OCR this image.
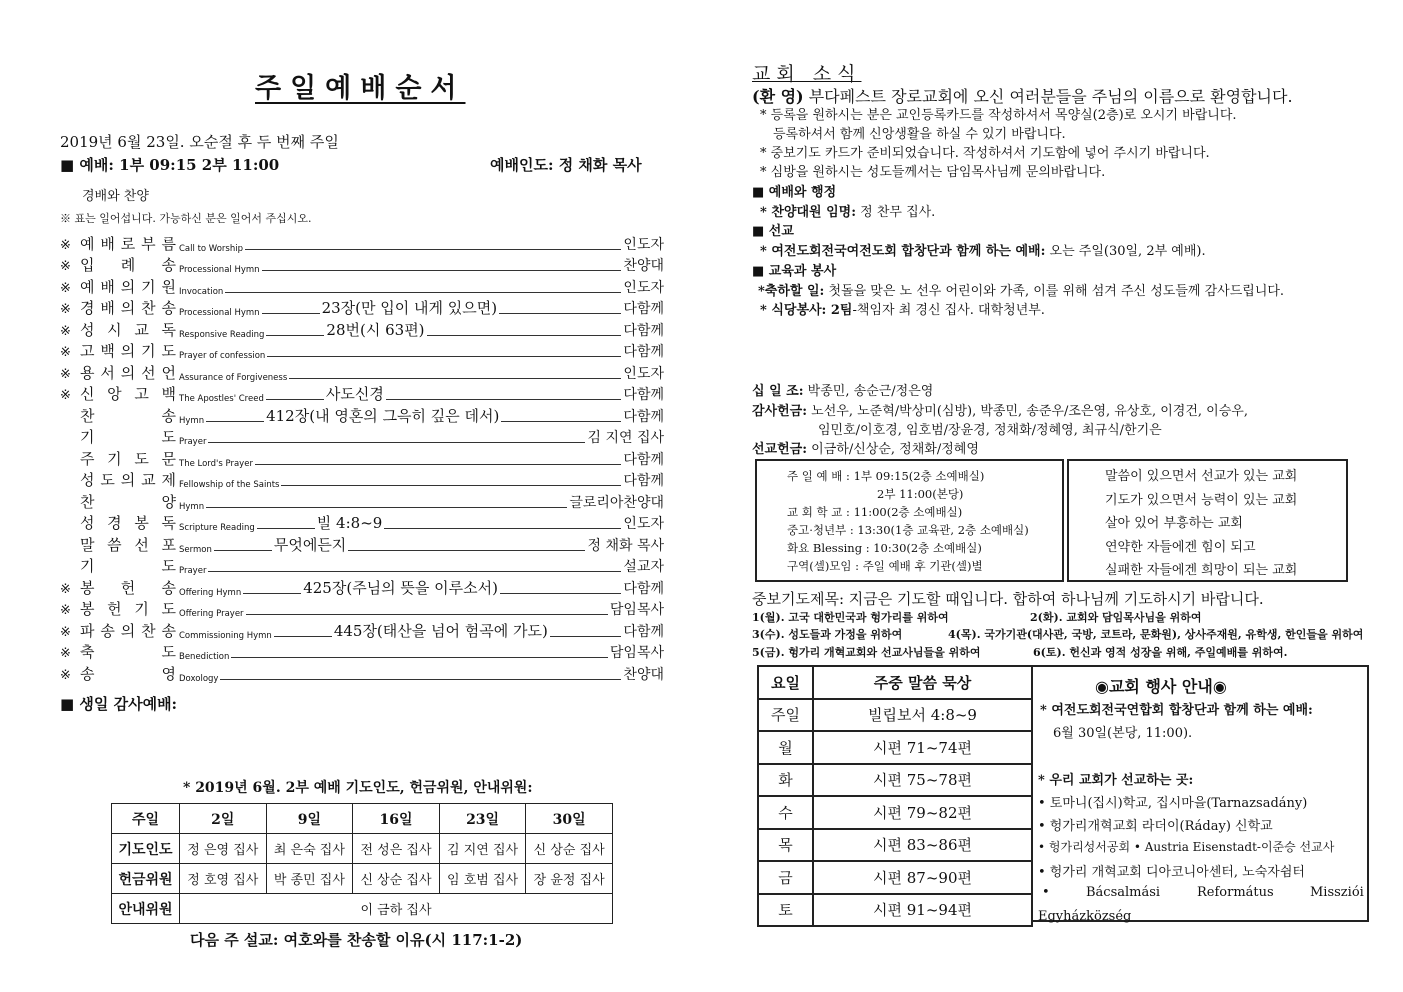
주일예배순서
2019년 6월 23일. 오순절 후 두 번째 주일
■ 예배: 1부 09:15 2부 11:00	예배인도: 정 채화 목사
경배와 찬양
※ 표는 일어섭니다. 가능하신 분은 일어서 주십시오.
※ 예 배 로 부 름 Call to Worship	인도자
※ 입 례 송 Processional Hymn	찬양대
※ 예 배 의 기 원 Invocation	인도자
※ 경 배 의 찬 송 Processional Hymn	23장(만 입이 내게 있으면)	다함께
※ 성 시 교 독 Responsive Reading	28번(시 63편)	다함께
※ 고 백 의 기 도 Prayer of confession	다함께
※ 용 서 의 선 언 Assurance of Forgiveness	인도자
※ 신 앙 고 백 The Apostles' Creed	사도신경	다함께
찬	송 Hymn	412장(내 영혼의 그윽히 깊은 데서)	다함께
기	도 Prayer	김 지연 집사
주 기 도 문 The Lord's Prayer	다함께
성 도 의 교 제 Fellowship of the Saints	다함께
찬	양 Hymn	글로리아찬양대
성 경 봉 독 Scripture Reading	빌 4:8~9	인도자
말 씀 선 포 Sermon	무엇에든지	정 채화 목사
기	도 Prayer	설교자
※ 봉 헌 송 Offering Hymn	425장(주님의 뜻을 이루소서)	다함께
※ 봉 헌 기 도 Offering Prayer	담임목사
※ 파 송 의 찬 송 Commissioning Hymn	445장(태산을 넘어 험곡에 가도)	다함께
※ 축	도 Benediction	담임목사
※ 송	영 Doxology	찬양대
■ 생일 감사예배:
* 2019년 6월. 2부 예배 기도인도, 헌금위원, 안내위원:
주일	2일	9일	16일	23일	30일
기도인도	정 은영 집사	최 은숙 집사	전 성은 집사	김 지연 집사	신 상순 집사
헌금위원	정 호영 집사	박 종민 집사	신 상순 집사	임 호범 집사	장 윤정 집사
안내위원	이 금하 집사				
다음 주 설교: 여호와를 찬송할 이유(시 117:1-2)
교회 소식
(환 영) 부다페스트 장로교회에 오신 여러분들을 주님의 이름으로 환영합니다.
* 등록을 원하시는 분은 교인등록카드를 작성하셔서 목양실(2층)로 오시기 바랍니다.
등록하셔서 함께 신앙생활을 하실 수 있기 바랍니다.
* 중보기도 카드가 준비되었습니다. 작성하셔서 기도함에 넣어 주시기 바랍니다.
* 심방을 원하시는 성도들께서는 담임목사님께 문의바랍니다.
■ 예배와 행정
* 찬양대원 임명: 정 찬무 집사.
■ 선교
* 여전도회전국여전도회 합창단과 함께 하는 예배: 오는 주일(30일, 2부 예배).
■ 교육과 봉사
*축하할 일: 첫돌을 맞은 노 선우 어린이와 가족, 이를 위해 섬겨 주신 성도들께 감사드립니다.
* 식당봉사: 2팀-책임자 최 경신 집사. 대학청년부.
십 일 조: 박종민, 송순근/정은영
감사헌금: 노선우, 노준혁/박상미(심방), 박종민, 송준우/조은영, 유상호, 이경건, 이승우,
임민호/이호경, 임호범/장윤경, 정채화/정혜영, 최규식/한기은
선교헌금: 이금하/신상순, 정채화/정혜영
주 일 예 배 : 1부 09:15(2층 소예배실)
2부 11:00(본당)
교 회 학 교 : 11:00(2층 소예배실)
중고·청년부 : 13:30(1층 교육관, 2층 소예배실)
화요 Blessing : 10:30(2층 소예배실)
구역(셀)모임 : 주일 예배 후 기관(셀)별
말씀이 있으면서 선교가 있는 교회
기도가 있으면서 능력이 있는 교회
살아 있어 부흥하는 교회
연약한 자들에겐 힘이 되고
실패한 자들에겐 희망이 되는 교회
중보기도제목: 지금은 기도할 때입니다. 합하여 하나님께 기도하시기 바랍니다.
1(월). 고국 대한민국과 헝가리를 위하여	2(화). 교회와 담임목사님을 위하여
3(수). 성도들과 가정을 위하여	4(목). 국가기관(대사관, 국방, 코트라, 문화원), 상사주재원, 유학생, 한인들을 위하여
5(금). 헝가리 개혁교회와 선교사님들을 위하여	6(토). 헌신과 영적 성장을 위해, 주일예배를 위하여.
요일	주중 말씀 묵상
주일	빌립보서 4:8~9
월	시편 71~74편
화	시편 75~78편
수	시편 79~82편
목	시편 83~86편
금	시편 87~90편
토	시편 91~94편
◉교회 행사 안내◉
* 여전도회전국연합회 합창단과 함께 하는 예배:
6월 30일(본당, 11:00).
* 우리 교회가 선교하는 곳:
• 토마니(집시)학교, 집시마을(Tarnazsadány)
• 헝가리개혁교회 라더이(Ráday) 신학교
• 헝가리성서공회 • Austria Eisenstadt-이준승 선교사
• 헝가리 개혁교회 디아코니아센터, 노숙자쉼터
•	Bácsalmási	Református	Missziói
Egyházközség
